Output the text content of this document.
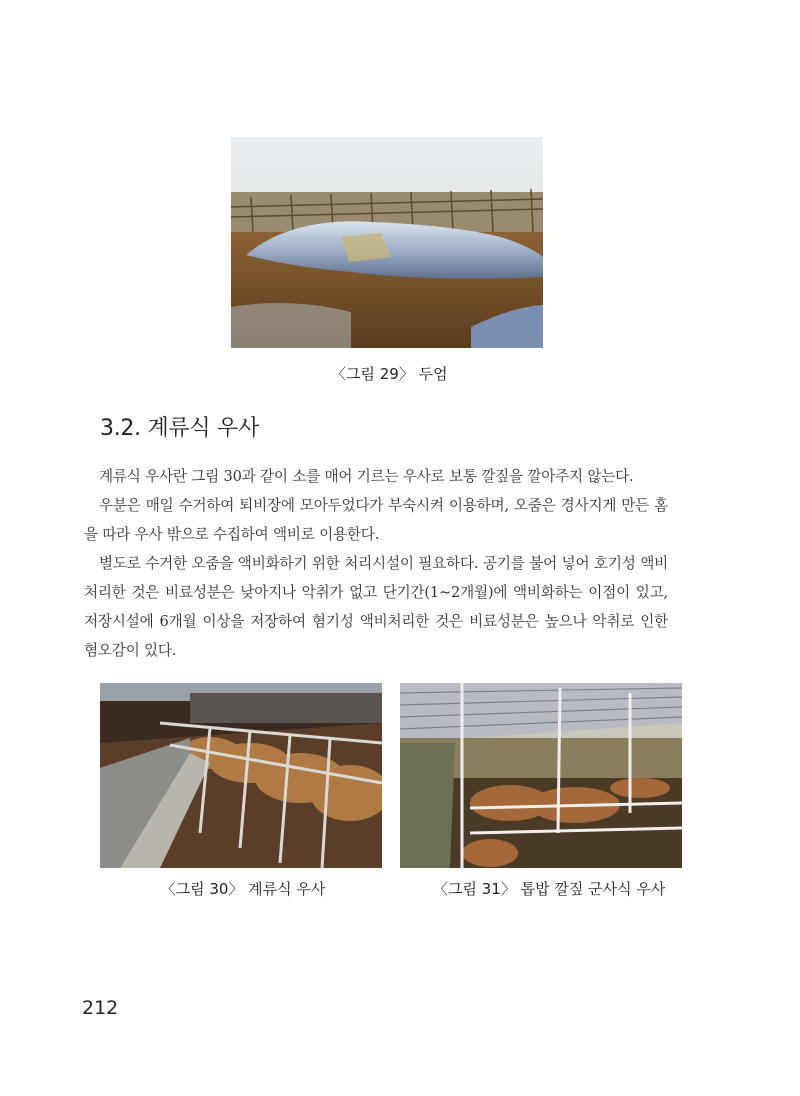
〈그림 29〉 두엄
3.2. 계류식 우사

계류식 우사란 그림 30과 같이 소를 매어 기르는 우사로 보통 깔짚을 깔아주지 않는다.

우분은 매일 수거하여 퇴비장에 모아두었다가 부숙시켜 이용하며, 오줌은 경사지게 만든 홈을 따라 우사 밖으로 수집하여 액비로 이용한다.

별도로 수거한 오줌을 액비화하기 위한 처리시설이 필요하다. 공기를 불어 넣어 호기성 액비처리한 것은 비료성분은 낮아지나 악취가 없고 단기간(1~2개월)에 액비화하는 이점이 있고, 저장시설에 6개월 이상을 저장하여 혐기성 액비처리한 것은 비료성분은 높으나 악취로 인한 혐오감이 있다.

〈그림 30〉 계류식 우사	〈그림 31〉 톱밥 깔짚 군사식 우사
212
